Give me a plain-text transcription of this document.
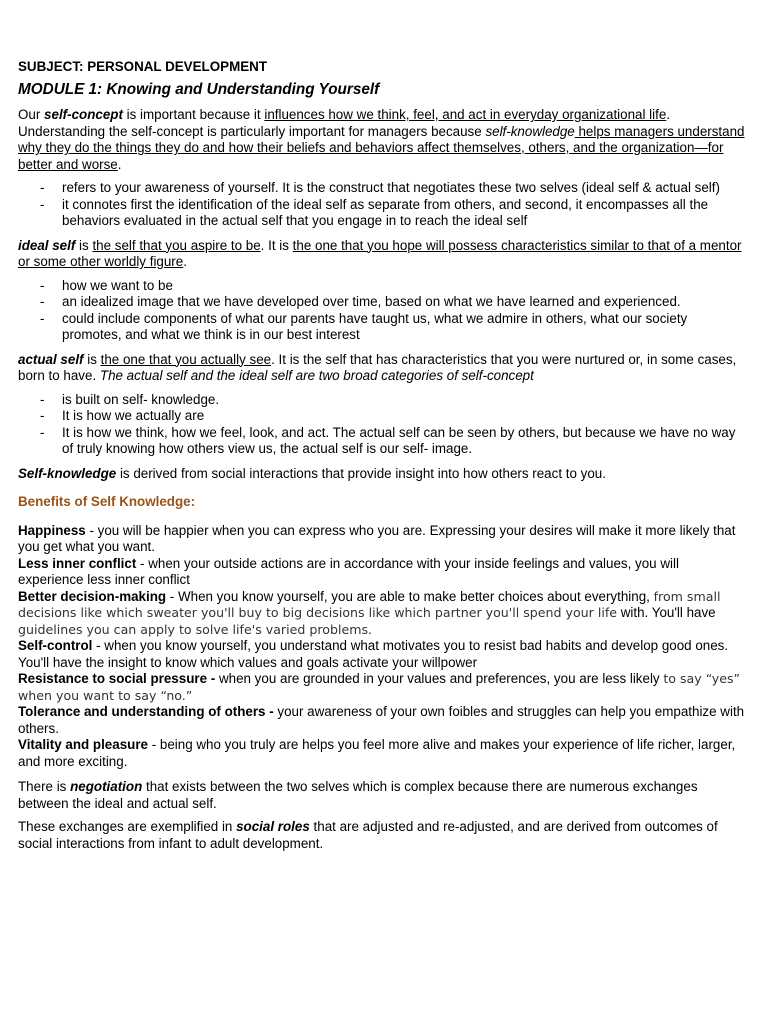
SUBJECT: PERSONAL DEVELOPMENT

MODULE 1: Knowing and Understanding Yourself

Our self-concept is important because it influences how we think, feel, and act in everyday organizational life. Understanding the self-concept is particularly important for managers because self-knowledge helps managers understand why they do the things they do and how their beliefs and behaviors affect themselves, others, and the organization—for better and worse.

- refers to your awareness of yourself. It is the construct that negotiates these two selves (ideal self & actual self)
- it connotes first the identification of the ideal self as separate from others, and second, it encompasses all the behaviors evaluated in the actual self that you engage in to reach the ideal self

ideal self is the self that you aspire to be. It is the one that you hope will possess characteristics similar to that of a mentor or some other worldly figure.

- how we want to be
- an idealized image that we have developed over time, based on what we have learned and experienced.
- could include components of what our parents have taught us, what we admire in others, what our society promotes, and what we think is in our best interest

actual self is the one that you actually see. It is the self that has characteristics that you were nurtured or, in some cases, born to have. The actual self and the ideal self are two broad categories of self-concept

- is built on self- knowledge.
- It is how we actually are
- It is how we think, how we feel, look, and act. The actual self can be seen by others, but because we have no way of truly knowing how others view us, the actual self is our self- image.

Self-knowledge is derived from social interactions that provide insight into how others react to you.

Benefits of Self Knowledge:

Happiness - you will be happier when you can express who you are. Expressing your desires will make it more likely that you get what you want.

Less inner conflict - when your outside actions are in accordance with your inside feelings and values, you will experience less inner conflict

Better decision-making - When you know yourself, you are able to make better choices about everything, from small decisions like which sweater you'll buy to big decisions like which partner you'll spend your life with. You'll have guidelines you can apply to solve life's varied problems.

Self-control - when you know yourself, you understand what motivates you to resist bad habits and develop good ones. You'll have the insight to know which values and goals activate your willpower

Resistance to social pressure - when you are grounded in your values and preferences, you are less likely to say “yes” when you want to say “no.”

Tolerance and understanding of others - your awareness of your own foibles and struggles can help you empathize with others.

Vitality and pleasure - being who you truly are helps you feel more alive and makes your experience of life richer, larger, and more exciting.

There is negotiation that exists between the two selves which is complex because there are numerous exchanges between the ideal and actual self.

These exchanges are exemplified in social roles that are adjusted and re-adjusted, and are derived from outcomes of social interactions from infant to adult development.
